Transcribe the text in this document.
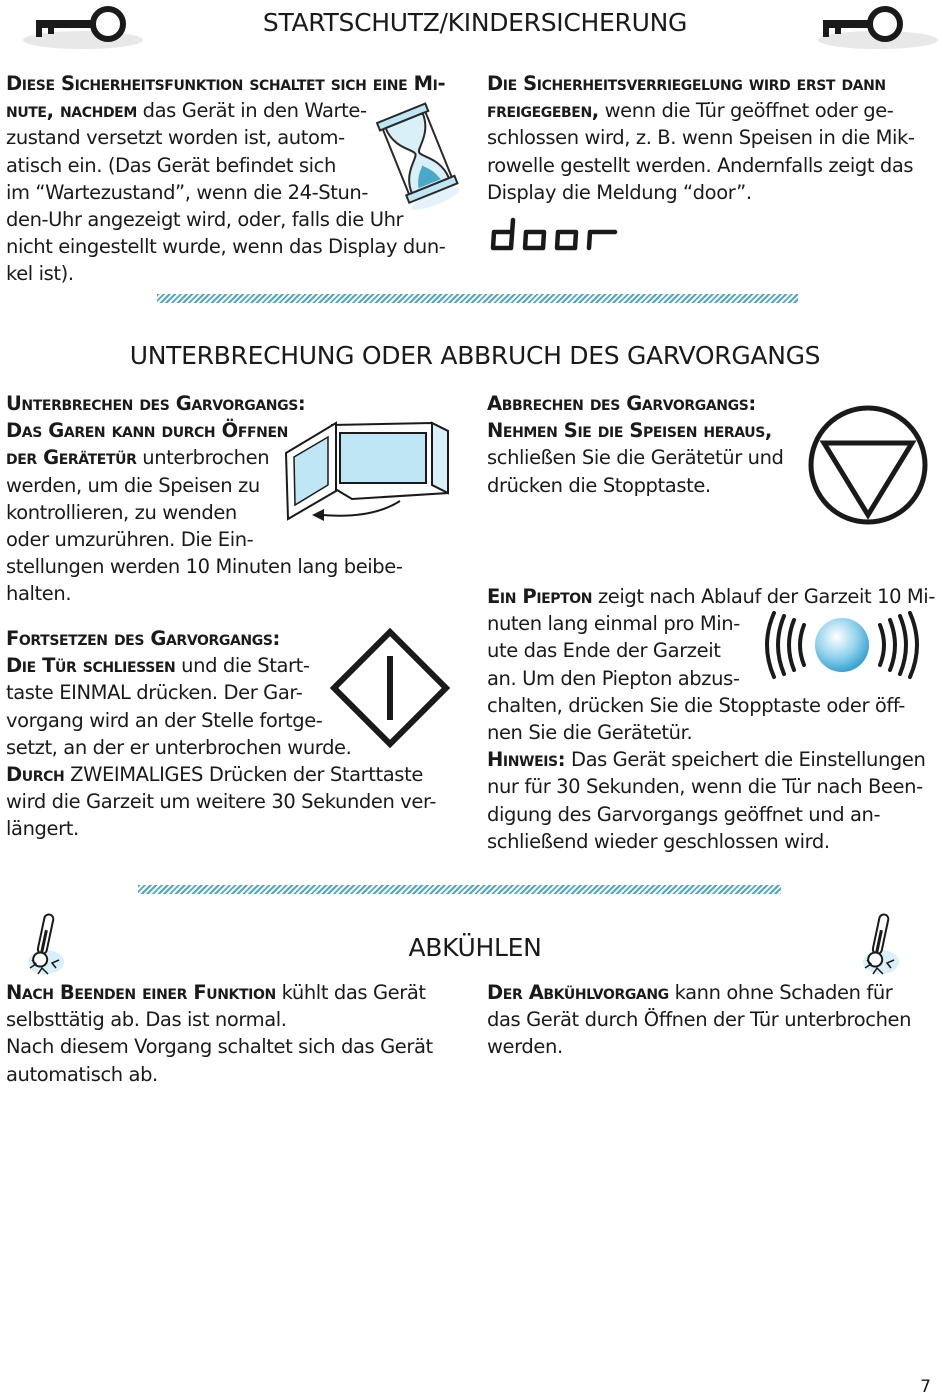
STARTSCHUTZ/KINDERSICHERUNG
Diese Sicherheitsfunktion schaltet sich eine Mi-
nute, nachdem das Gerät in den Warte-
zustand versetzt worden ist, autom-
atisch ein. (Das Gerät befindet sich
im “Wartezustand”, wenn die 24-Stun-
den-Uhr angezeigt wird, oder, falls die Uhr
nicht eingestellt wurde, wenn das Display dun-
kel ist).
Die Sicherheitsverriegelung wird erst dann
freigegeben, wenn die Tür geöffnet oder ge-
schlossen wird, z. B. wenn Speisen in die Mik-
rowelle gestellt werden. Andernfalls zeigt das
Display die Meldung “door”.
UNTERBRECHUNG ODER ABBRUCH DES GARVORGANGS
Unterbrechen des Garvorgangs:
Das Garen kann durch Öffnen
der Gerätetür unterbrochen
werden, um die Speisen zu
kontrollieren, zu wenden
oder umzurühren. Die Ein-
stellungen werden 10 Minuten lang beibe-
halten.
Fortsetzen des Garvorgangs:
Die Tür schliessen und die Start-
taste EINMAL drücken. Der Gar-
vorgang wird an der Stelle fortge-
setzt, an der er unterbrochen wurde.
Durch ZWEIMALIGES Drücken der Starttaste
wird die Garzeit um weitere 30 Sekunden ver-
längert.
Abbrechen des Garvorgangs:
Nehmen Sie die Speisen heraus,
schließen Sie die Gerätetür und
drücken die Stopptaste.
Ein Piepton zeigt nach Ablauf der Garzeit 10 Mi-
nuten lang einmal pro Min-
ute das Ende der Garzeit
an. Um den Piepton abzus-
chalten, drücken Sie die Stopptaste oder öff-
nen Sie die Gerätetür.
Hinweis: Das Gerät speichert die Einstellungen
nur für 30 Sekunden, wenn die Tür nach Been-
digung des Garvorgangs geöffnet und an-
schließend wieder geschlossen wird.
ABKÜHLEN
Nach Beenden einer Funktion kühlt das Gerät
selbsttätig ab. Das ist normal.
Nach diesem Vorgang schaltet sich das Gerät
automatisch ab.
Der Abkühlvorgang kann ohne Schaden für
das Gerät durch Öffnen der Tür unterbrochen
werden.
7
